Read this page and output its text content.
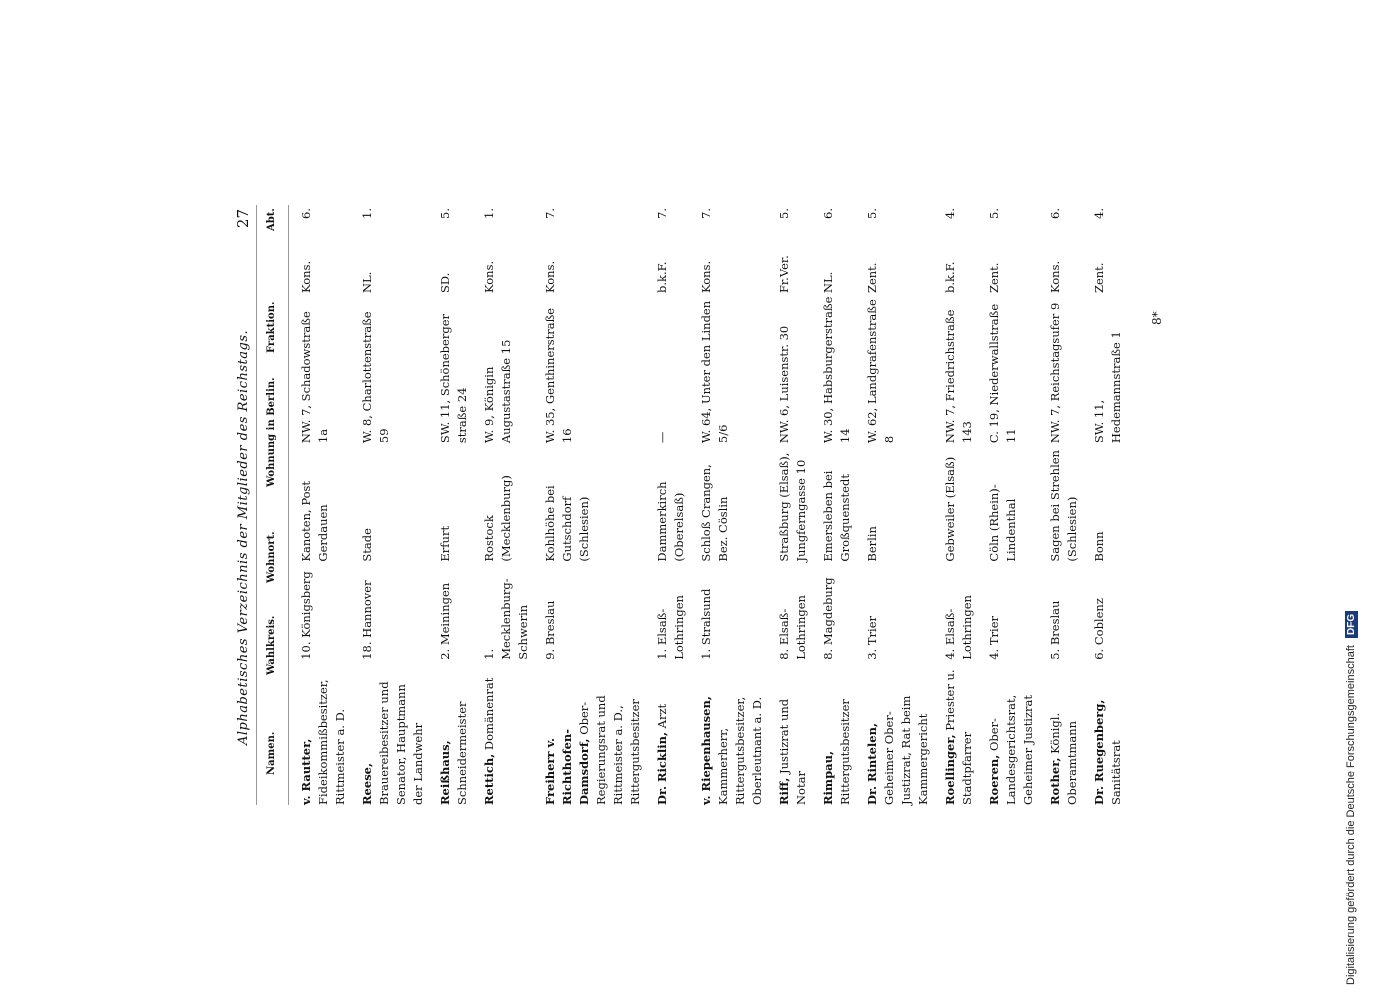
Alphabetisches Verzeichnis der Mitglieder des Reichstags.
27
Namen.
Wahlkreis.
Wohnort.
Wohnung in Berlin.
Fraktion.
Abt.
v. Rautter, Fideikommißbesitzer, Rittmeister a. D.	10. Königsberg	Kanoten, Post Gerdauen	NW. 7, Schadowstraße 1a	Kons.	6.
Reese, Brauereibesitzer und Senator, Hauptmann der Landwehr	18. Hannover	Stade	W. 8, Charlottenstraße 59	NL.	1.
Reißhaus, Schneidermeister	2. Meiningen	Erfurt	SW. 11, Schöneberger straße 24	SD.	5.
Rettich, Domänenrat	1. Mecklenburg-Schwerin	Rostock (Mecklenburg)	W. 9, Königin Augustastraße 15	Kons.	1.
Freiherr v. Richthofen-Damsdorf, Ober-Regierungsrat und Rittmeister a. D., Rittergutsbesitzer	9. Breslau	Kohlhöhe bei Gutschdorf (Schlesien)	W. 35, Genthinerstraße 16	Kons.	7.
Dr. Ricklin, Arzt	1. Elsaß-Lothringen	Dammerkirch (Oberelsaß)	—	b.k.F.	7.
v. Riepenhausen, Kammerherr, Rittergutsbesitzer, Oberleutnant a. D.	1. Stralsund	Schloß Crangen, Bez. Cöslin	W. 64, Unter den Linden 5/6	Kons.	7.
Riff, Justizrat und Notar	8. Elsaß-Lothringen	Straßburg (Elsaß), Jungferngasse 10	NW. 6, Luisenstr. 30	Fr.Ver.	5.
Rimpau, Rittergutsbesitzer	8. Magdeburg	Emersleben bei Großquenstedt	W. 30, Habsburgerstraße 14	NL.	6.
Dr. Rintelen, Geheimer Ober-Justizrat, Rat beim Kammergericht	3. Trier	Berlin	W. 62, Landgrafenstraße 8	Zent.	5.
Roellinger, Priester u. Stadtpfarrer	4. Elsaß-Lothringen	Gebweiler (Elsaß)	NW. 7, Friedrichstraße 143	b.k.F.	4.
Roeren, Ober-Landesgerichtsrat, Geheimer Justizrat	4. Trier	Cöln (Rhein)-Lindenthal	C. 19, Niederwallstraße 11	Zent.	5.
Rother, Königl. Oberamtmann	5. Breslau	Sagen bei Strehlen (Schlesien)	NW. 7, Reichstagsufer 9	Kons.	6.
Dr. Ruegenberg, Sanitätsrat	6. Coblenz	Bonn	SW. 11, Hedemannstraße 1	Zent.	4.
8*
Digitalisierung gefördert durch die Deutsche Forschungsgemeinschaft DFG
